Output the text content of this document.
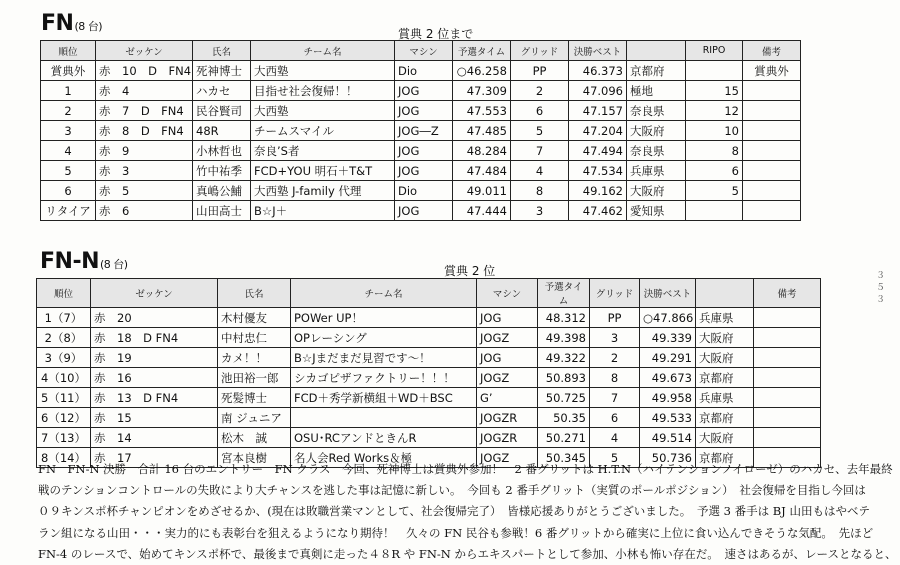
FN(8 台)
賞典 2 位まで
順位	ゼッケン	氏名	チーム名	マシン	予選タイム	グリッド	決勝ベスト		RIPO	備考
賞典外	赤　10　D　FN4	死神博士	大西塾	Dio	○46.258	PP	46.373	京都府		賞典外
1	赤　4	ハカセ	目指せ社会復帰！！	JOG	47.309	2	47.096	極地	15	
2	赤　7　D　FN4	民谷賢司	大西塾	JOG	47.553	6	47.157	奈良県	12	
3	赤　8　D　FN4	48R	チームスマイル	JOG―Z	47.485	5	47.204	大阪府	10	
4	赤　9	小林哲也	奈良’S者	JOG	48.284	7	47.494	奈良県	8	
5	赤　3	竹中祐季	FCD+YOU 明石＋T&T	JOG	47.484	4	47.534	兵庫県	6	
6	赤　5	真嶋公鯆	大西塾 J-family 代理	Dio	49.011	8	49.162	大阪府	5	
リタイア	赤　6	山田高士	B☆J＋	JOG	47.444	3	47.462	愛知県		
FN-N(8 台)	賞典 2 位
順位	ゼッケン	氏名	チーム名	マシン	予選タイム	グリッド	決勝ベスト		備考
1（7）	赤　20	木村優友	POWer UP！	JOG	48.312	PP	○47.866	兵庫県	
2（8）	赤　18　D FN4	中村忠仁	OPレーシング	JOGZ	49.398	3	49.339	大阪府	
3（9）	赤　19	カメ！！	B☆Jまだまだ見習です～！	JOG	49.322	2	49.291	大阪府	
4（10）	赤　16	池田裕一郎	シカゴピザファクトリー！！！	JOGZ	50.893	8	49.673	京都府	
5（11）	赤　13　D FN4	死髪博士	FCD＋秀学新横組＋WD＋BSC	G’	50.725	7	49.958	兵庫県	
6（12）	赤　15	南 ジュニア		JOGZR	50.35	6	49.533	京都府	
7（13）	赤　14	松木　誠	OSU･RCアンドときんR	JOGZR	50.271	4	49.514	大阪府	
8（14）	赤　17	宮本良樹	名人会Red Works＆極	JOGZ	50.345	5	50.736	京都府	

FN　FN-N 決勝　合計 16 台のエントリー　FN クラス　今回、死神博士は賞典外参加！　2 番グリットは H.T.N（ハイテンションノイローゼ）のハカセ、去年最終

戦のテンションコントロールの失敗により大チャンスを逃した事は記憶に新しい。　今回も 2 番手グリット（実質のポールポジション）　社会復帰を目指し今回は

０９キンスポ杯チャンピオンをめざせるか、(現在は敗職営業マンとして、社会復帰完了）　皆様応援ありがとうございました。　予選 3 番手は BJ 山田もはやベテ

ラン組になる山田・・・実力的にも表彰台を狙えるようになり期待！　久々の FN 民谷も参戦！6 番グリットから確実に上位に食い込んできそうな気配。　先ほど

FN-4 のレースで、始めてキンスポ杯で、最後まで真剣に走った４８R や FN-N からエキスパートとして参加、小林も怖い存在だ。　速さはあるが、レースとなると、

３
５
３
